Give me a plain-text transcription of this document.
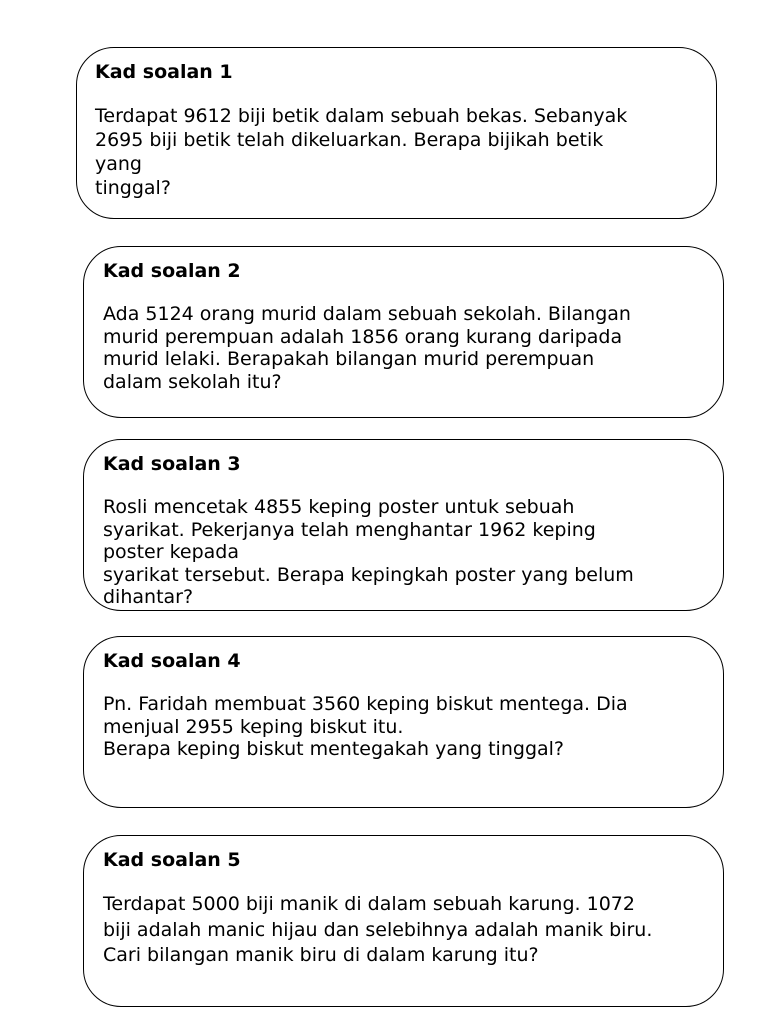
Kad soalan 1
Terdapat 9612 biji betik dalam sebuah bekas. Sebanyak
2695 biji betik telah dikeluarkan. Berapa bijikah betik
yang
tinggal?
Kad soalan 2
Ada 5124 orang murid dalam sebuah sekolah. Bilangan
murid perempuan adalah 1856 orang kurang daripada
murid lelaki. Berapakah bilangan murid perempuan
dalam sekolah itu?
Kad soalan 3
Rosli mencetak 4855 keping poster untuk sebuah
syarikat. Pekerjanya telah menghantar 1962 keping
poster kepada
syarikat tersebut. Berapa kepingkah poster yang belum
dihantar?
Kad soalan 4
Pn. Faridah membuat 3560 keping biskut mentega. Dia
menjual 2955 keping biskut itu.
Berapa keping biskut mentegakah yang tinggal?
Kad soalan 5
Terdapat 5000 biji manik di dalam sebuah karung. 1072
biji adalah manic hijau dan selebihnya adalah manik biru.
Cari bilangan manik biru di dalam karung itu?
